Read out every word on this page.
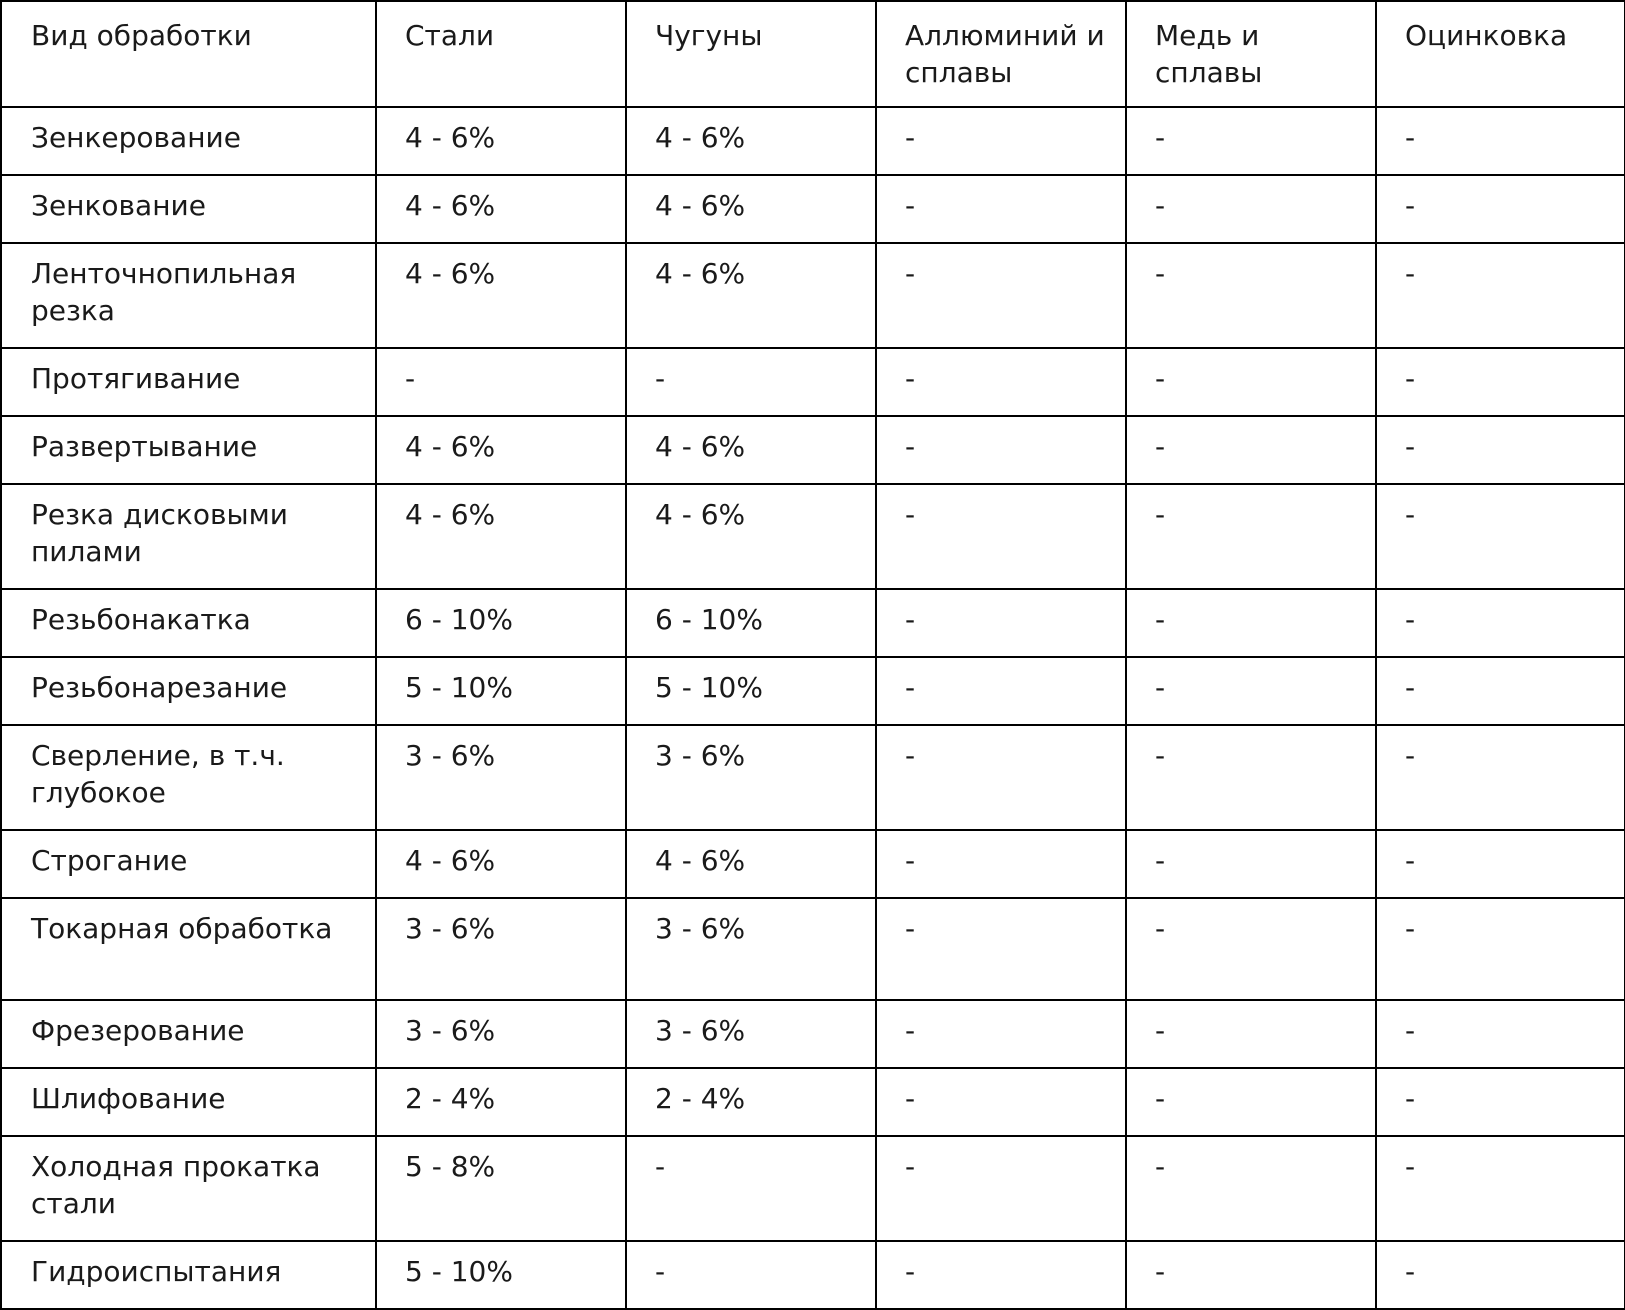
Вид обработки	Стали	Чугуны	Аллюминий и сплавы	Медь и сплавы	Оцинковка
Зенкерование	4 - 6%	4 - 6%	-	-	-
Зенкование	4 - 6%	4 - 6%	-	-	-
Ленточнопильная резка	4 - 6%	4 - 6%	-	-	-
Протягивание	-	-	-	-	-
Развертывание	4 - 6%	4 - 6%	-	-	-
Резка дисковыми пилами	4 - 6%	4 - 6%	-	-	-
Резьбонакатка	6 - 10%	6 - 10%	-	-	-
Резьбонарезание	5 - 10%	5 - 10%	-	-	-
Сверление, в т.ч. глубокое	3 - 6%	3 - 6%	-	-	-
Строгание	4 - 6%	4 - 6%	-	-	-
Токарная обработка	3 - 6%	3 - 6%	-	-	-
Фрезерование	3 - 6%	3 - 6%	-	-	-
Шлифование	2 - 4%	2 - 4%	-	-	-
Холодная прокатка стали	5 - 8%	-	-	-	-
Гидроиспытания	5 - 10%	-	-	-	-
